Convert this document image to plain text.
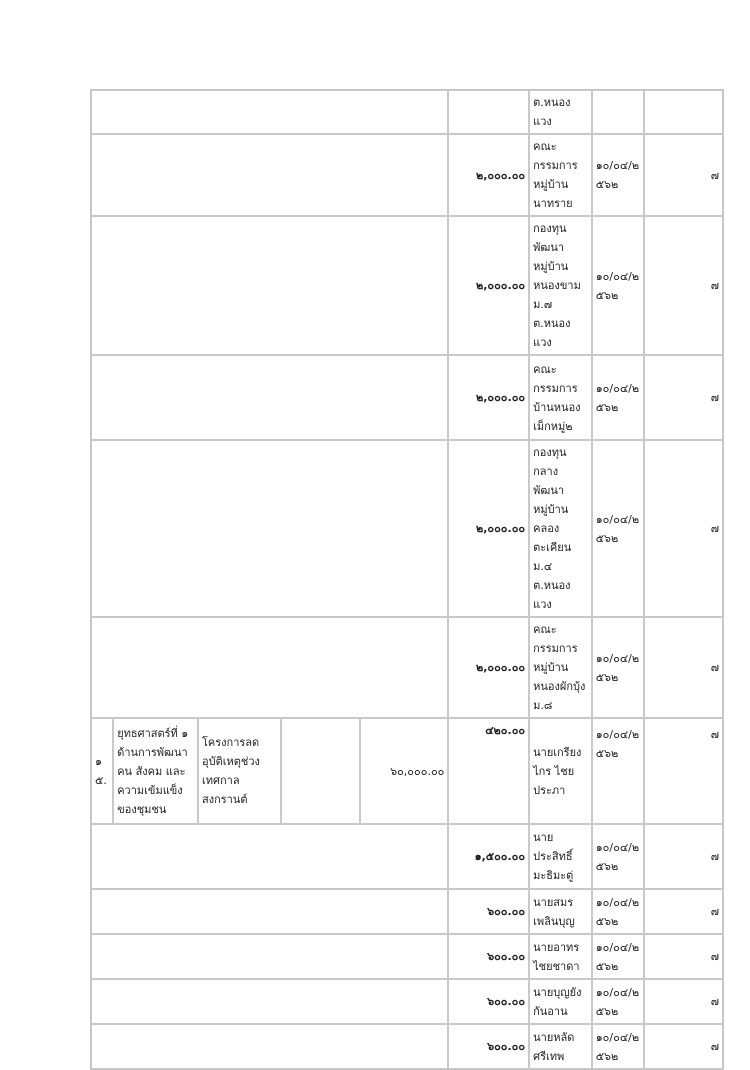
						ต.หนองแวง		
					๒,๐๐๐.๐๐	คณะกรรมการหมู่บ้านนาทราย	๑๐/๐๔/๒๕๖๒	๗
					๒,๐๐๐.๐๐	กองทุนพัฒนาหมู่บ้านหนองขาม ม.๗ ต.หนองแวง	๑๐/๐๔/๒๕๖๒	๗
					๒,๐๐๐.๐๐	คณะกรรมการบ้านหนองเม็กหมู่๒	๑๐/๐๔/๒๕๖๒	๗
					๒,๐๐๐.๐๐	กองทุนกลางพัฒนาหมู่บ้านคลองตะเคียน ม.๔ ต.หนองแวง	๑๐/๐๔/๒๕๖๒	๗
					๒,๐๐๐.๐๐	คณะกรรมการหมู่บ้านหนองผักบุ้ง ม.๘	๑๐/๐๔/๒๕๖๒	๗
๑๕.	ยุทธศาสตร์ที่ ๑ ด้านการพัฒนาคน สังคม และความเข้มแข็งของชุมชน	โครงการลดอุบัติเหตุช่วงเทศกาลสงกรานต์		๖๐,๐๐๐.๐๐	๔๒๐.๐๐	นายเกรียงไกร ไชยประภา	๑๐/๐๔/๒๕๖๒	๗
					๑,๕๐๐.๐๐	นาย ประสิทธิ์ มะธิมะตู่	๑๐/๐๔/๒๕๖๒	๗
					๖๐๐.๐๐	นายสมร เพลินบุญ	๑๐/๐๔/๒๕๖๒	๗
					๖๐๐.๐๐	นายอาทร ไชยชาดา	๑๐/๐๔/๒๕๖๒	๗
					๖๐๐.๐๐	นายบุญยัง กันอาน	๑๐/๐๔/๒๕๖๒	๗
					๖๐๐.๐๐	นายหลัด ศรีเทพ	๑๐/๐๔/๒๕๖๒	๗
